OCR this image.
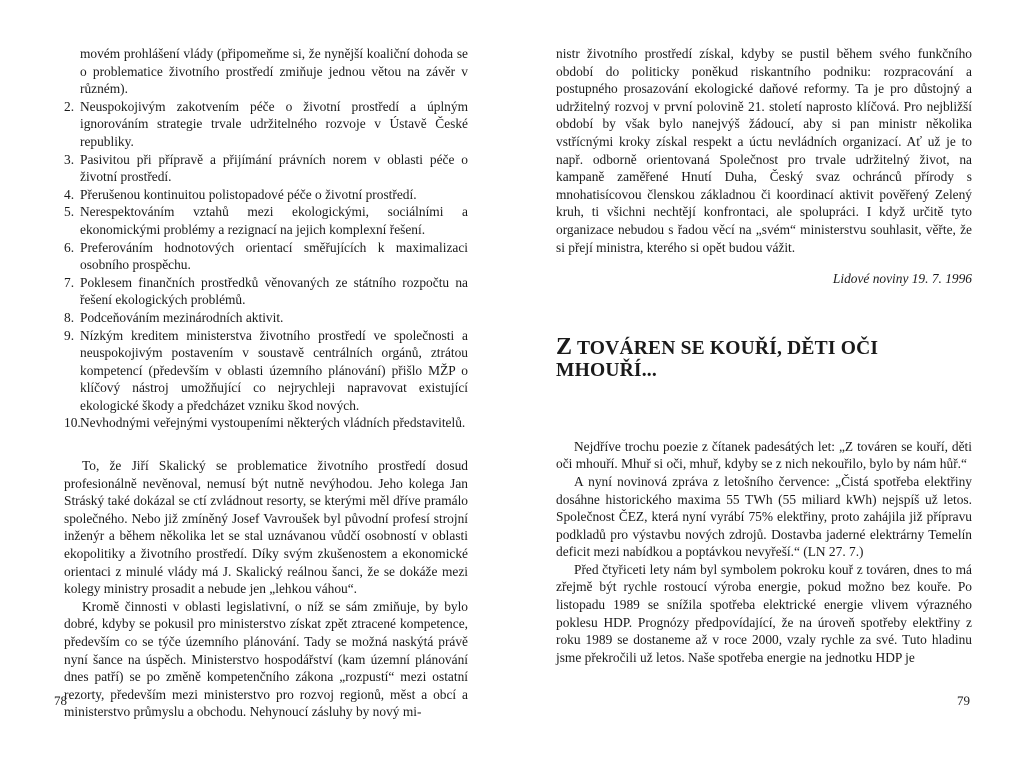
movém prohlášení vlády (připomeňme si, že nynější koaliční dohoda se o problematice životního prostředí zmiňuje jednou větou na závěr v různém).
2. Neuspokojivým zakotvením péče o životní prostředí a úplným ignorováním strategie trvale udržitelného rozvoje v Ústavě České republiky.
3. Pasivitou při přípravě a přijímání právních norem v oblasti péče o životní prostředí.
4. Přerušenou kontinuitou polistopadové péče o životní prostředí.
5. Nerespektováním vztahů mezi ekologickými, sociálními a ekonomickými problémy a rezignací na jejich komplexní řešení.
6. Preferováním hodnotových orientací směřujících k maximalizaci osobního prospěchu.
7. Poklesem finančních prostředků věnovaných ze státního rozpočtu na řešení ekologických problémů.
8. Podceňováním mezinárodních aktivit.
9. Nízkým kreditem ministerstva životního prostředí ve společnosti a neuspokojivým postavením v soustavě centrálních orgánů, ztrátou kompetencí (především v oblasti územního plánování) přišlo MŽP o klíčový nástroj umožňující co nejrychleji napravovat existující ekologické škody a předcházet vzniku škod nových.
10. Nevhodnými veřejnými vystoupeními některých vládních představitelů.

To, že Jiří Skalický se problematice životního prostředí dosud profesionálně nevěnoval, nemusí být nutně nevýhodou. Jeho kolega Jan Stráský také dokázal se ctí zvládnout resorty, se kterými měl dříve pramálo společného. Nebo již zmíněný Josef Vavroušek byl původní profesí strojní inženýr a během několika let se stal uznávanou vůdčí osobností v oblasti ekopolitiky a životního prostředí. Díky svým zkušenostem a ekonomické orientaci z minulé vlády má J. Skalický reálnou šanci, že se dokáže mezi kolegy ministry prosadit a nebude jen „lehkou váhou“.

Kromě činnosti v oblasti legislativní, o níž se sám zmiňuje, by bylo dobré, kdyby se pokusil pro ministerstvo získat zpět ztracené kompetence, především co se týče územního plánování. Tady se možná naskýtá právě nyní šance na úspěch. Ministerstvo hospodářství (kam územní plánování dnes patří) se po změně kompetenčního zákona „rozpustí“ mezi ostatní rezorty, především mezi ministerstvo pro rozvoj regionů, měst a obcí a ministerstvo průmyslu a obchodu. Nehynoucí zásluhy by nový mi-

78

nistr životního prostředí získal, kdyby se pustil během svého funkčního období do politicky poněkud riskantního podniku: rozpracování a postupného prosazování ekologické daňové reformy. Ta je pro důstojný a udržitelný rozvoj v první polovině 21. století naprosto klíčová. Pro nejbližší období by však bylo nanejvýš žádoucí, aby si pan ministr několika vstřícnými kroky získal respekt a úctu nevládních organizací. Ať už je to např. odborně orientovaná Společnost pro trvale udržitelný život, na kampaně zaměřené Hnutí Duha, Český svaz ochránců přírody s mnohatisícovou členskou základnou či koordinací aktivit pověřený Zelený kruh, ti všichni nechtějí konfrontaci, ale spolupráci. I když určitě tyto organizace nebudou s řadou věcí na „svém“ ministerstvu souhlasit, věřte, že si přejí ministra, kterého si opět budou vážit.

Lidové noviny 19. 7. 1996

Z TOVÁREN SE KOUŘÍ, DĚTI OČI MHOUŘÍ...

Nejdříve trochu poezie z čítanek padesátých let: „Z továren se kouří, děti oči mhouří. Mhuř si oči, mhuř, kdyby se z nich nekouřilo, bylo by nám hůř.“

A nyní novinová zpráva z letošního července: „Čistá spotřeba elektřiny dosáhne historického maxima 55 TWh (55 miliard kWh) nejspíš už letos. Společnost ČEZ, která nyní vyrábí 75% elektřiny, proto zahájila již přípravu podkladů pro výstavbu nových zdrojů. Dostavba jaderné elektrárny Temelín deficit mezi nabídkou a poptávkou nevyřeší.“ (LN 27. 7.)

Před čtyřiceti lety nám byl symbolem pokroku kouř z továren, dnes to má zřejmě být rychle rostoucí výroba energie, pokud možno bez kouře. Po listopadu 1989 se snížila spotřeba elektrické energie vlivem výrazného poklesu HDP. Prognózy předpovídající, že na úroveň spotřeby elektřiny z roku 1989 se dostaneme až v roce 2000, vzaly rychle za své. Tuto hladinu jsme překročili už letos. Naše spotřeba energie na jednotku HDP je

79
